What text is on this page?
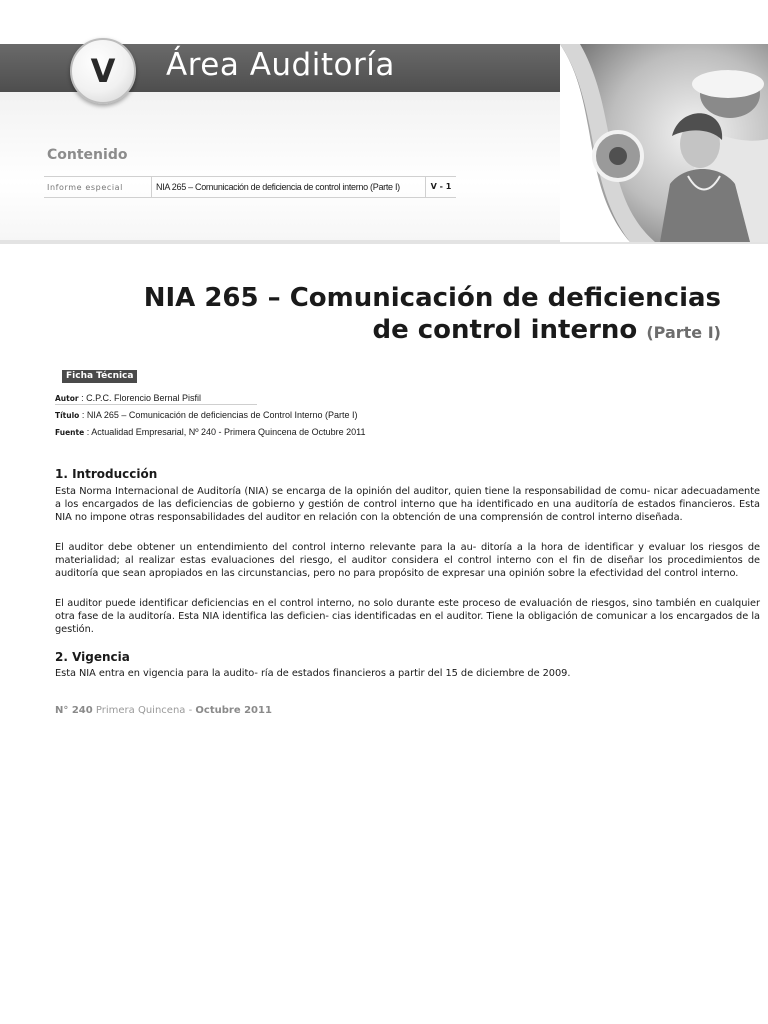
V Área Auditoría
Contenido
Informe especial	NIA 265 – Comunicación de deficiencia de control interno (Parte I)	V - 1
NIA 265 – Comunicación de deficiencias
de control interno (Parte I)
Ficha Técnica
Autor : C.P.C. Florencio Bernal Pisfil
Título : NIA 265 – Comunicación de deficiencias de Control Interno (Parte I)
Fuente : Actualidad Empresarial, Nº 240 - Primera Quincena de Octubre 2011
1. Introducción
Esta Norma Internacional de Auditoría (NIA) se encarga de la opinión del auditor, quien tiene la responsabilidad de comu- nicar adecuadamente a los encargados de las deficiencias de gobierno y gestión de control interno que ha identificado en una auditoría de estados financieros. Esta NIA no impone otras responsabilidades del auditor en relación con la obtención de una comprensión de control interno diseñada.
El auditor debe obtener un entendimiento del control interno relevante para la au- ditoría a la hora de identificar y evaluar los riesgos de materialidad; al realizar estas evaluaciones del riesgo, el auditor considera el control interno con el fin de diseñar los procedimientos de auditoría que sean apropiados en las circunstancias, pero no para propósito de expresar una opinión sobre la efectividad del control interno.
El auditor puede identificar deficiencias en el control interno, no solo durante este proceso de evaluación de riesgos, sino también en cualquier otra fase de la auditoría. Esta NIA identifica las deficien- cias identificadas en el auditor. Tiene la obligación de comunicar a los encargados de la gestión.
2. Vigencia
Esta NIA entra en vigencia para la audito- ría de estados financieros a partir del 15 de diciembre de 2009.
N° 240 Primera Quincena - Octubre 2011
